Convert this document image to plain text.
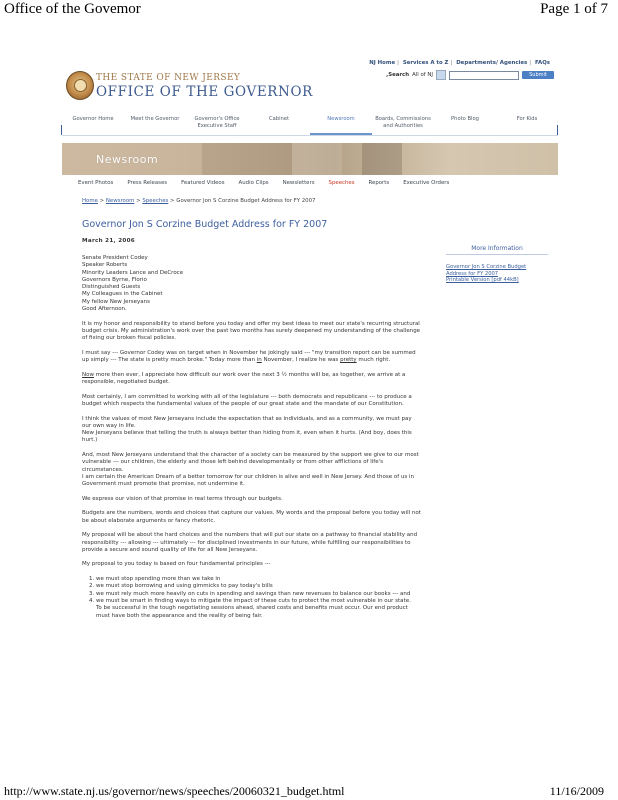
Office of the Govemor	Page 1 of 7
http://www.state.nj.us/governor/news/speeches/20060321_budget.html	11/16/2009
NJ Home | Services A to Z | Departments/ Agencies | FAQs
,Search All of NJ	Submit
THE STATE OF NEW JERSEY
OFFICE OF THE GOVERNOR
Governor Home	Meet the Governor	Governor's Office Executive Staff
Cabinet	Newsroom	Boards, Commissions and Authorities
Photo Blog	For Kids
Newsroom
Event Photos	Press Releases	Featured Videos	Audio Clips	Newsletters	Speeches	Reports	Executive Orders
Home > Newsroom > Speeches > Governor Jon S Corzine Budget Address for FY 2007
Governor Jon S Corzine Budget Address for FY 2007
March 21, 2006
More Information
Governor Jon S Corzine Budget Address for FY 2007
Printable Version [pdf 44kB]

Senate President Codey
Speaker Roberts
Minority Leaders Lance and DeCroce
Governors Byrne, Florio
Distinguished Guests
My Colleagues in the Cabinet
My fellow New Jerseyans
Good Afternoon.

It is my honor and responsibility to stand before you today and offer my best ideas to meet our state's recurring structural budget crisis. My administration's work over the past two months has surely deepened my understanding of the challenge of fixing our broken fiscal policies.

I must say --- Governor Codey was on target when in November he jokingly said --- "my transition report can be summed up simply --- The state is pretty much broke." Today more than in November, I realize he was pretty much right.

Now more then ever, I appreciate how difficult our work over the next 3 ½ months will be, as together, we arrive at a responsible, negotiated budget.

Most certainly, I am committed to working with all of the legislature --- both democrats and republicans --- to produce a budget which respects the fundamental values of the people of our great state and the mandate of our Constitution.

I think the values of most New Jerseyans include the expectation that as individuals, and as a community, we must pay our own way in life.
New Jerseyans believe that telling the truth is always better than hiding from it, even when it hurts. (And boy, does this hurt.)

And, most New Jerseyans understand that the character of a society can be measured by the support we give to our most vulnerable --- our children, the elderly and those left behind developmentally or from other afflictions of life's circumstances.
I am certain the American Dream of a better tomorrow for our children is alive and well in New Jersey. And those of us in Government must promote that promise, not undermine it.

We express our vision of that promise in real terms through our budgets.

Budgets are the numbers, words and choices that capture our values. My words and the proposal before you today will not be about elaborate arguments or fancy rhetoric.

My proposal will be about the hard choices and the numbers that will put our state on a pathway to financial stability and responsibility --- allowing --- ultimately --- for disciplined investments in our future, while fulfilling our responsibilities to provide a secure and sound quality of life for all New Jerseyans.

My proposal to you today is based on four fundamental principles ---

1. we must stop spending more than we take in
2. we must stop borrowing and using gimmicks to pay today's bills
3. we must rely much more heavily on cuts in spending and savings than new revenues to balance our books --- and
4. we must be smart in finding ways to mitigate the impact of these cuts to protect the most vulnerable in our state.
To be successful in the tough negotiating sessions ahead, shared costs and benefits must occur. Our end product must have both the appearance and the reality of being fair.
